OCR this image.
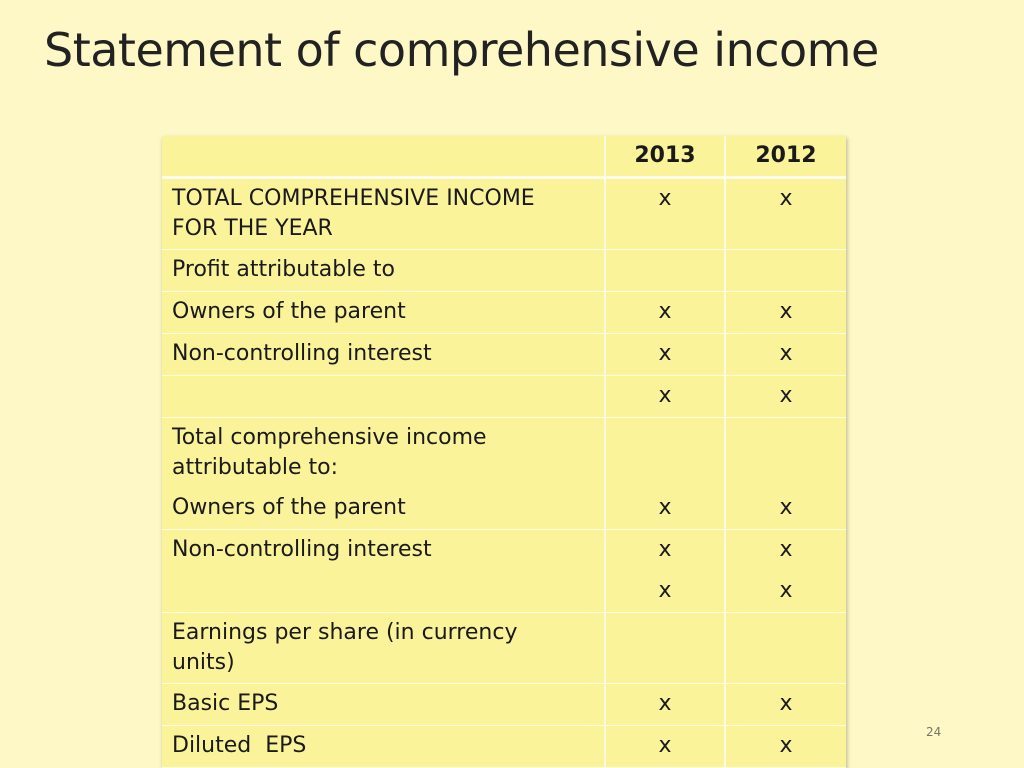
Statement of comprehensive income
	2013	2012

TOTAL COMPREHENSIVE INCOME FOR THE YEAR	x	x
Profit attributable to		
Owners of the parent	x	x
Non-controlling interest	x	x
	x	x

Total comprehensive income attributable to:		

Owners of the parent	x	x
Non-controlling interest	x	x
	x	x

Earnings per share (in currency units)		

Basic EPS	x	x
Diluted  EPS	x	x
24
